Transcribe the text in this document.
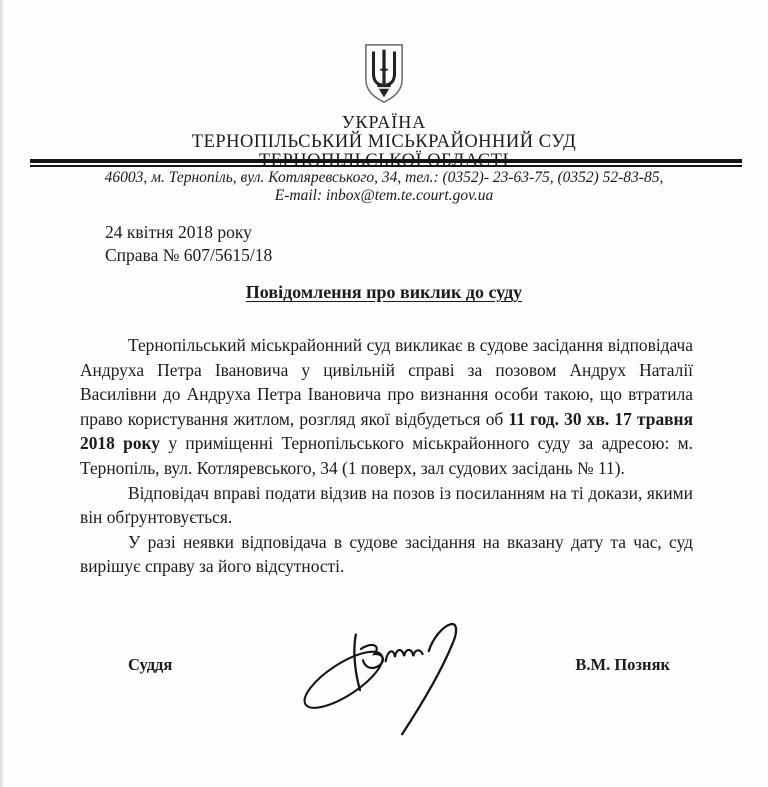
УКРАЇНА
ТЕРНОПІЛЬСЬКИЙ МІСЬКРАЙОННИЙ СУД
ТЕРНОПІЛЬСЬКОЇ ОБЛАСТІ
46003, м. Тернопіль, вул. Котляревського, 34, тел.: (0352)- 23-63-75, (0352) 52-83-85,
E-mail: inbox@tem.te.court.gov.ua
24 квітня 2018 року
Справа № 607/5615/18
Повідомлення про виклик до суду

Тернопільський міськрайонний суд викликає в судове засідання відповідача Андруха Петра Івановича у цивільній справі за позовом Андрух Наталії Василівни до Андруха Петра Івановича про визнання особи такою, що втратила право користування житлом, розгляд якої відбудеться об 11 год. 30 хв. 17 травня 2018 року у приміщенні Тернопільського міськрайонного суду за адресою: м. Тернопіль, вул. Котляревського, 34 (1 поверх, зал судових засідань № 11).

Відповідач вправі подати відзив на позов із посиланням на ті докази, якими він обґрунтовується.

У разі неявки відповідача в судове засідання на вказану дату та час, суд вирішує справу за його відсутності.

Суддя	В.М. Позняк
